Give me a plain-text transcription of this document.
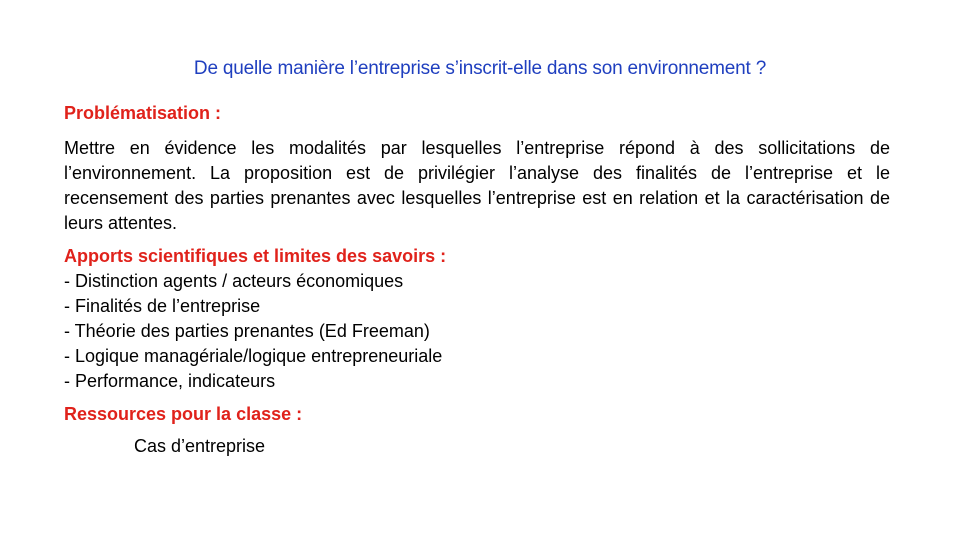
De quelle manière l’entreprise s’inscrit-elle dans son environnement ?

Problématisation :

Mettre en évidence les modalités par lesquelles l’entreprise répond à des sollicitations de l’environnement. La proposition est de privilégier l’analyse des finalités de l’entreprise et le recensement des parties prenantes avec lesquelles l’entreprise est en relation et la caractérisation de leurs attentes.

Apports scientifiques et limites des savoirs :

- Distinction agents / acteurs économiques
- Finalités de l’entreprise
- Théorie des parties prenantes (Ed Freeman)
- Logique managériale/logique entrepreneuriale
- Performance, indicateurs

Ressources pour la classe :

Cas d’entreprise
